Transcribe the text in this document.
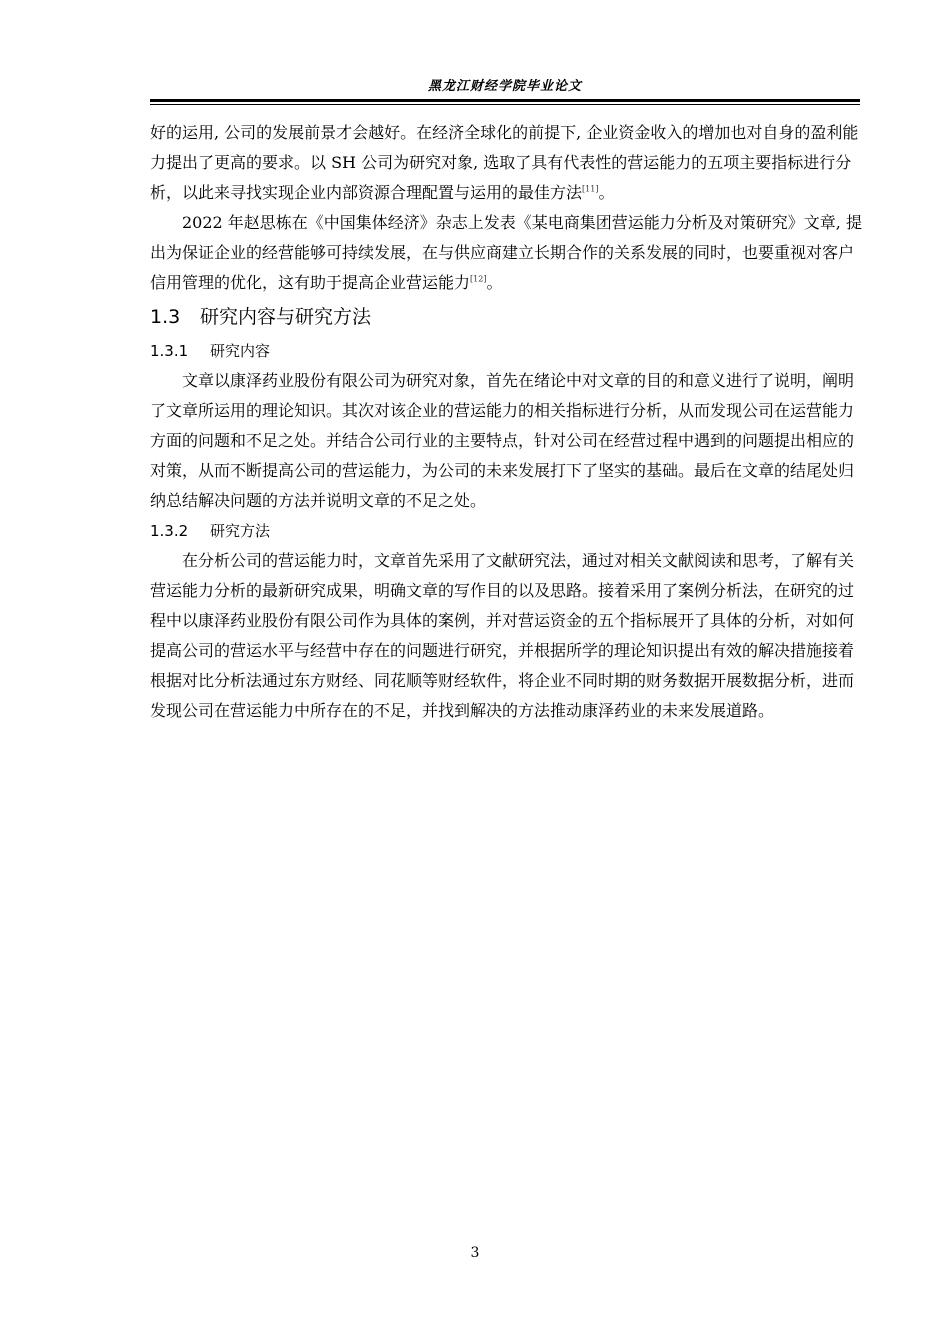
黑龙江财经学院毕业论文

好的运用, 公司的发展前景才会越好。在经济全球化的前提下, 企业资金收入的增加也对自身的盈利能力提出了更高的要求。以 SH 公司为研究对象, 选取了具有代表性的营运能力的五项主要指标进行分析，以此来寻找实现企业内部资源合理配置与运用的最佳方法[11]。

2022 年赵思栋在《中国集体经济》杂志上发表《某电商集团营运能力分析及对策研究》文章, 提出为保证企业的经营能够可持续发展，在与供应商建立长期合作的关系发展的同时，也要重视对客户信用管理的优化，这有助于提高企业营运能力[12]。

1.3 研究内容与研究方法
1.3.1 研究内容

文章以康泽药业股份有限公司为研究对象，首先在绪论中对文章的目的和意义进行了说明，阐明了文章所运用的理论知识。其次对该企业的营运能力的相关指标进行分析，从而发现公司在运营能力方面的问题和不足之处。并结合公司行业的主要特点，针对公司在经营过程中遇到的问题提出相应的对策，从而不断提高公司的营运能力，为公司的未来发展打下了坚实的基础。最后在文章的结尾处归纳总结解决问题的方法并说明文章的不足之处。

1.3.2 研究方法

在分析公司的营运能力时，文章首先采用了文献研究法，通过对相关文献阅读和思考，了解有关营运能力分析的最新研究成果，明确文章的写作目的以及思路。接着采用了案例分析法，在研究的过程中以康泽药业股份有限公司作为具体的案例，并对营运资金的五个指标展开了具体的分析，对如何提高公司的营运水平与经营中存在的问题进行研究，并根据所学的理论知识提出有效的解决措施接着根据对比分析法通过东方财经、同花顺等财经软件，将企业不同时期的财务数据开展数据分析，进而发现公司在营运能力中所存在的不足，并找到解决的方法推动康泽药业的未来发展道路。

3
